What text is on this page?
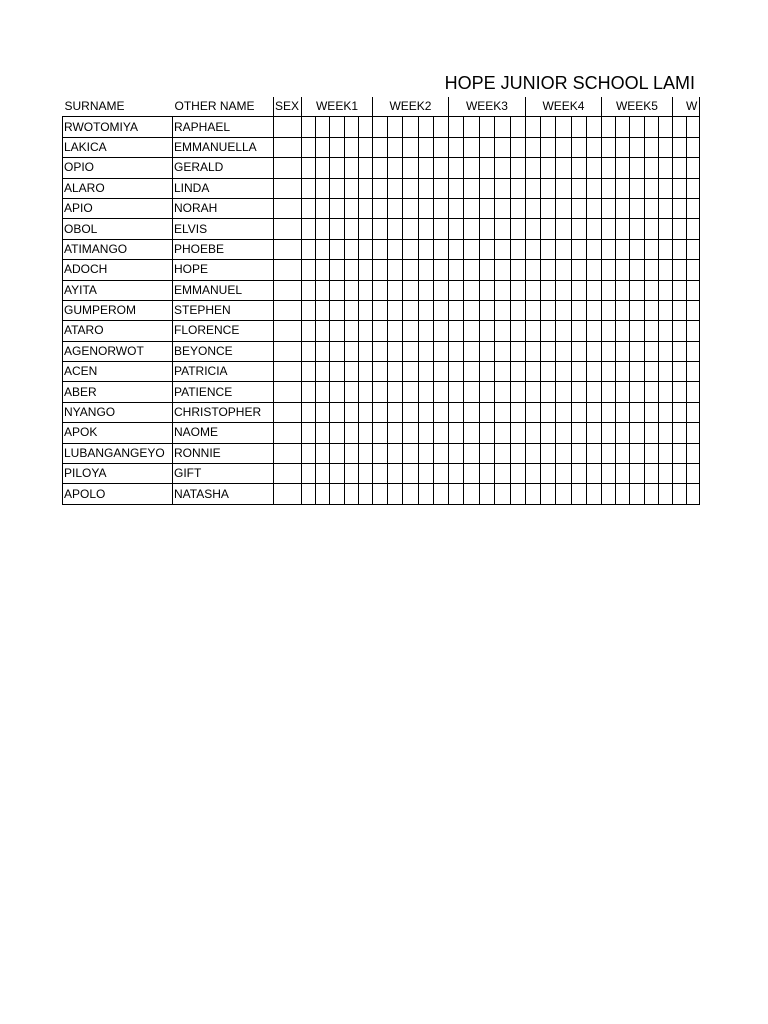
HOPE JUNIOR SCHOOL LAMI
SURNAME	OTHER NAME	SEX	WEEK1					WEEK2					WEEK3					WEEK4					WEEK5					W	
RWOTOMIYA	RAPHAEL																												
LAKICA	EMMANUELLA																												
OPIO	GERALD																												
ALARO	LINDA																												
APIO	NORAH																												
OBOL	ELVIS																												
ATIMANGO	PHOEBE																												
ADOCH	HOPE																												
AYITA	EMMANUEL																												
GUMPEROM	STEPHEN																												
ATARO	FLORENCE																												
AGENORWOT	BEYONCE																												
ACEN	PATRICIA																												
ABER	PATIENCE																												
NYANGO	CHRISTOPHER																												
APOK	NAOME																												
LUBANGANGEYO	RONNIE																												
PILOYA	GIFT																												
APOLO	NATASHA																												
